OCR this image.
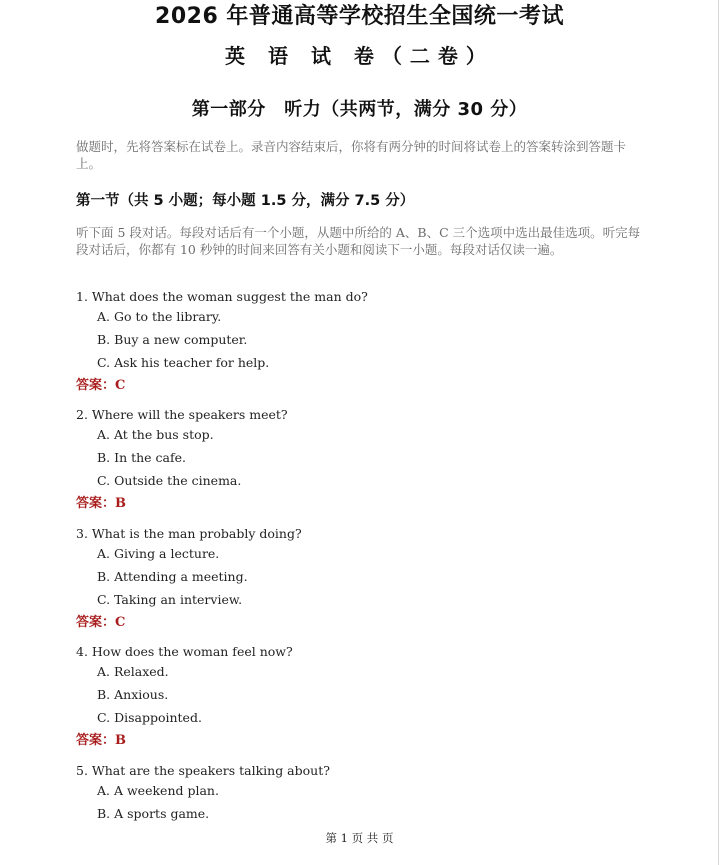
2026 年普通高等学校招生全国统一考试
英 语 试 卷（二卷）
第一部分　听力（共两节，满分 30 分）
做题时，先将答案标在试卷上。录音内容结束后，你将有两分钟的时间将试卷上的答案转涂到答题卡上。
第一节（共 5 小题；每小题 1.5 分，满分 7.5 分）
听下面 5 段对话。每段对话后有一个小题，从题中所给的 A、B、C 三个选项中选出最佳选项。听完每段对话后，你都有 10 秒钟的时间来回答有关小题和阅读下一小题。每段对话仅读一遍。
1. What does the woman suggest the man do?
A. Go to the library.
B. Buy a new computer.
C. Ask his teacher for help.
答案：C
2. Where will the speakers meet?
A. At the bus stop.
B. In the cafe.
C. Outside the cinema.
答案：B
3. What is the man probably doing?
A. Giving a lecture.
B. Attending a meeting.
C. Taking an interview.
答案：C
4. How does the woman feel now?
A. Relaxed.
B. Anxious.
C. Disappointed.
答案：B
5. What are the speakers talking about?
A. A weekend plan.
B. A sports game.
第 1 页 共 页
